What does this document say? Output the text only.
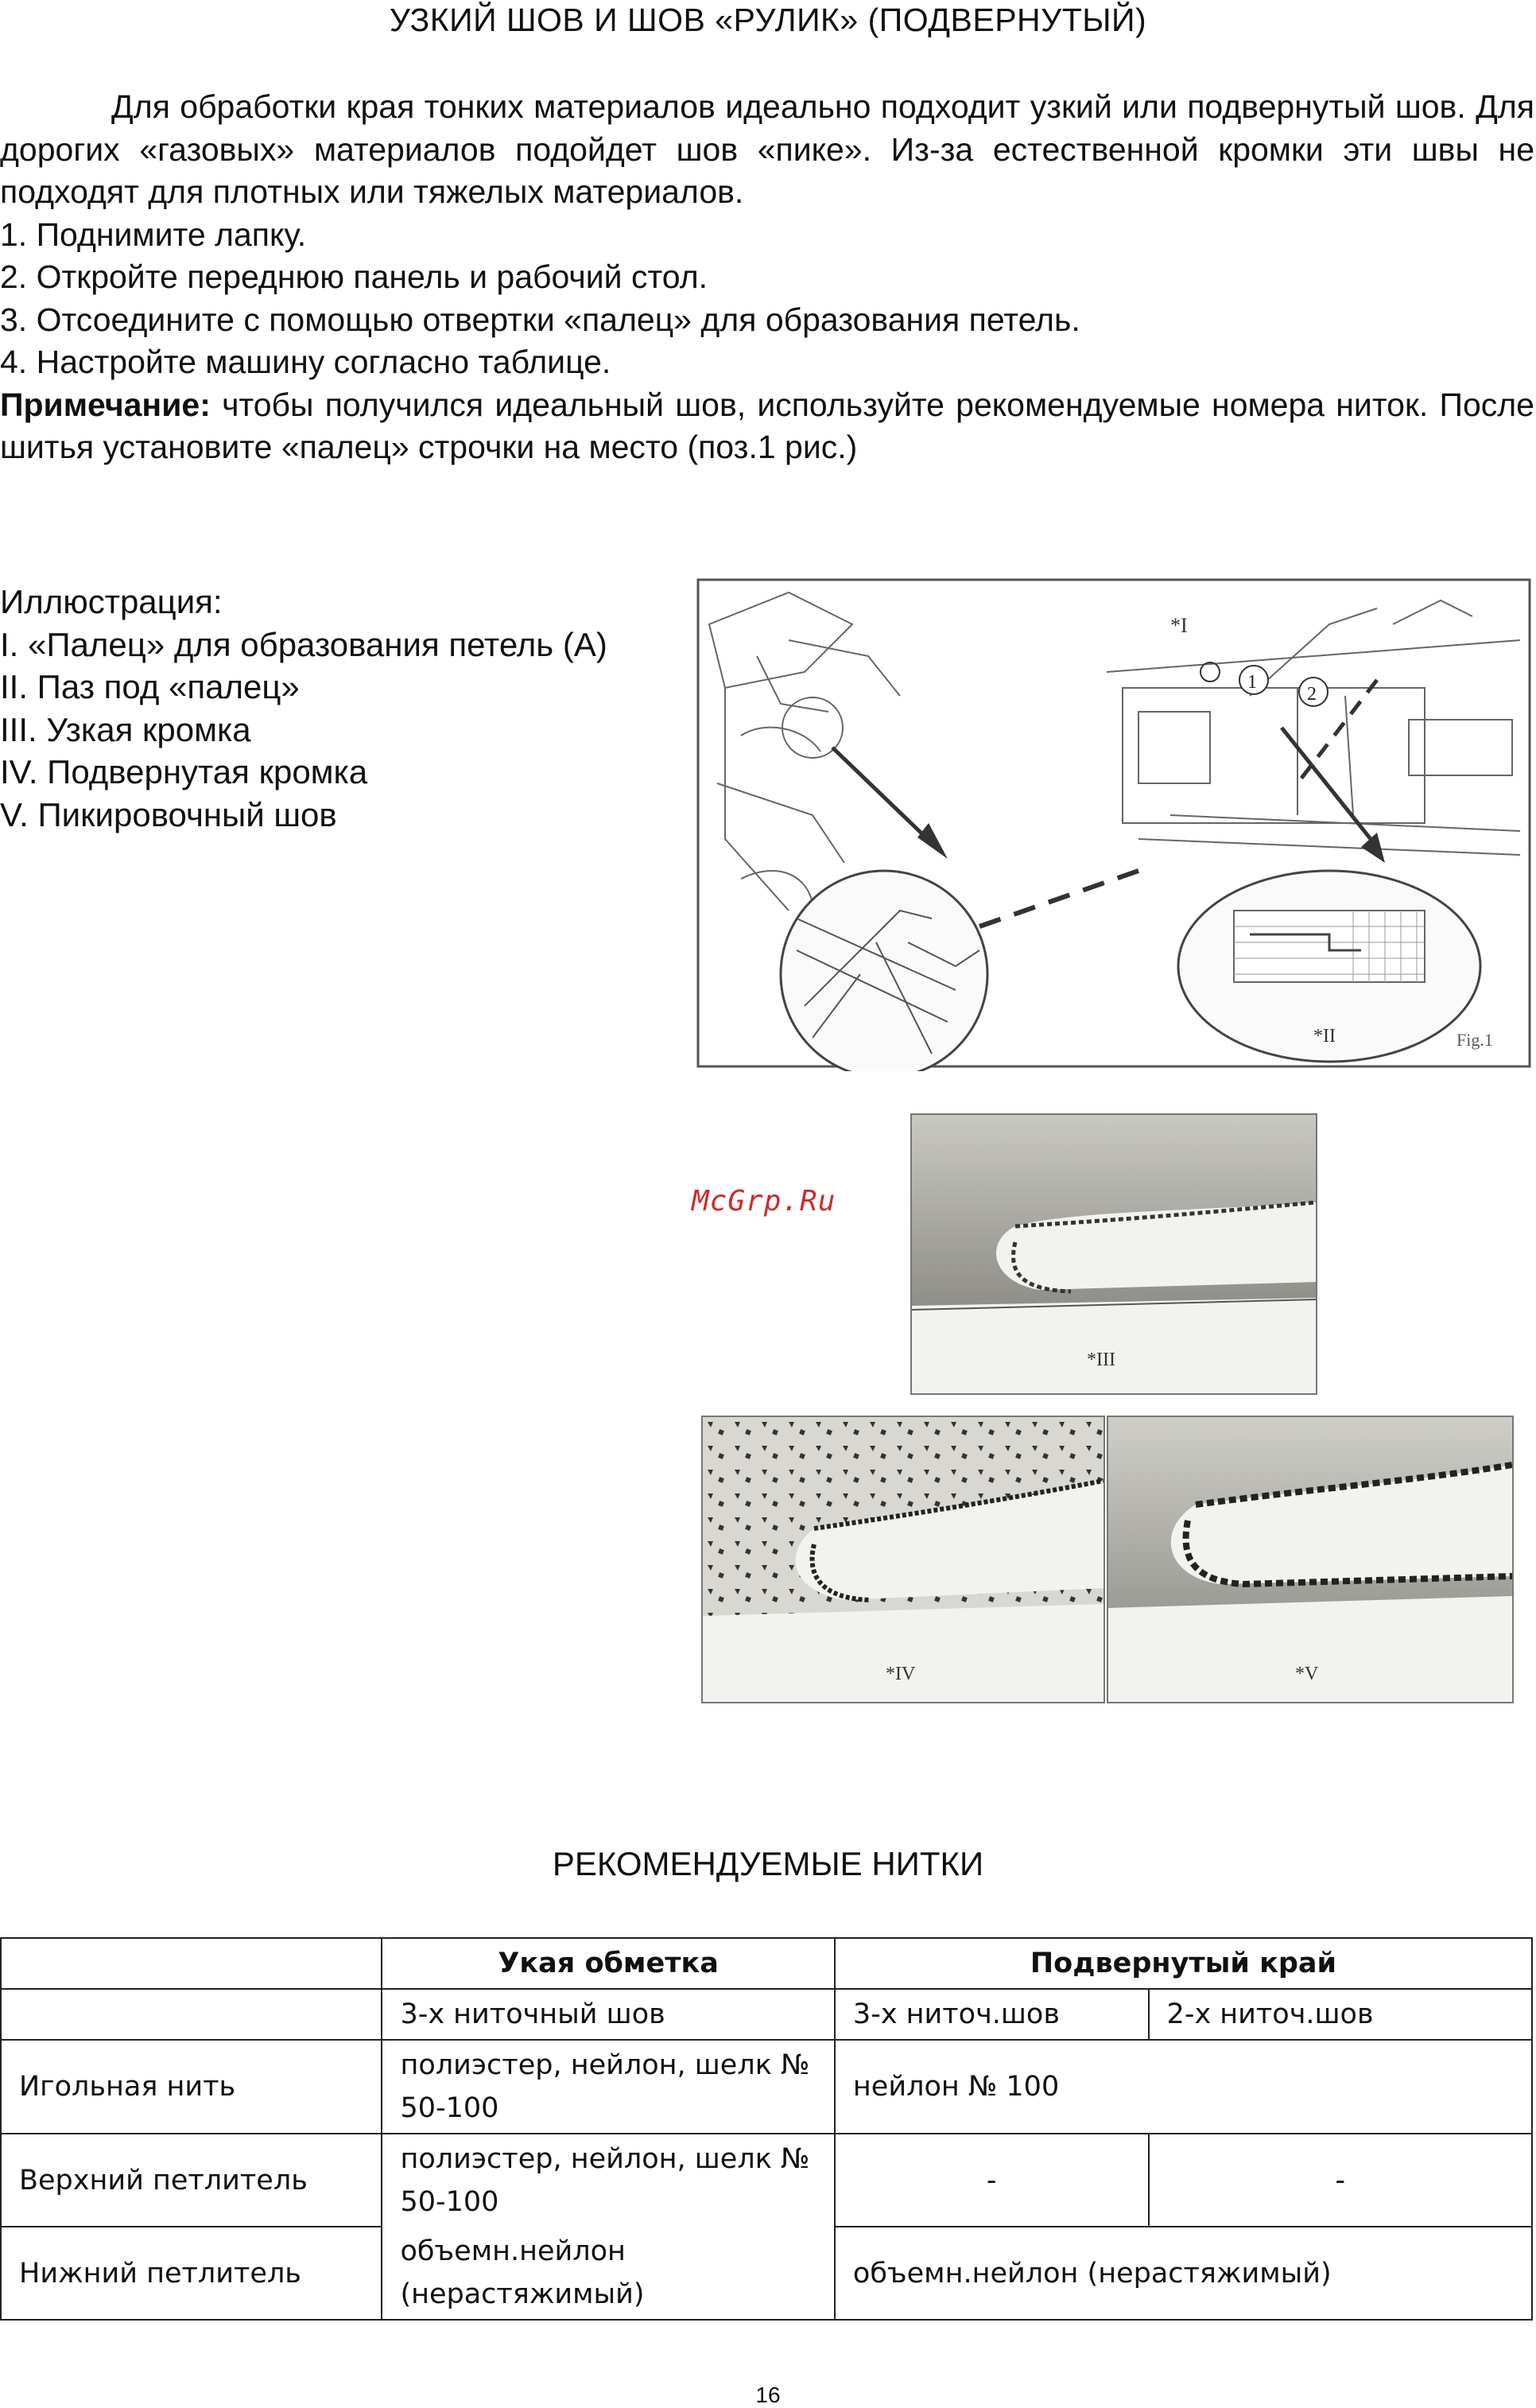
УЗКИЙ ШОВ И ШОВ «РУЛИК» (ПОДВЕРНУТЫЙ)

Для обработки края тонких материалов идеально подходит узкий или подвернутый шов. Для дорогих «газовых» материалов подойдет шов «пике». Из-за естественной кромки эти швы не подходят для плотных или тяжелых материалов.

1. Поднимите лапку.

2. Откройте переднюю панель и рабочий стол.

3. Отсоедините с помощью отвертки «палец» для образования петель.

4. Настройте машину согласно таблице.

Примечание: чтобы получился идеальный шов, используйте рекомендуемые номера ниток. После шитья установите «палец» строчки на место (поз.1 рис.)

Иллюстрация:
I. «Палец» для образования петель (А)
II. Паз под «палец»
III. Узкая кромка
IV. Подвернутая кромка
V. Пикировочный шов
1
2
*I
*II	Fig.1
McGrp.Ru
*III
*IV	*V
РЕКОМЕНДУЕМЫЕ НИТКИ
	Укая обметка	Подвернутый край	
	3-х ниточный шов	3-х ниточ.шов	2-х ниточ.шов
Игольная нить	полиэстер, нейлон, шелк № 50-100	нейлон № 100	
Верхний петлитель	полиэстер, нейлон, шелк № 50-100	-	-
Нижний петлитель	объемн.нейлон (нерастяжимый)	объемн.нейлон (нерастяжимый)	
16
